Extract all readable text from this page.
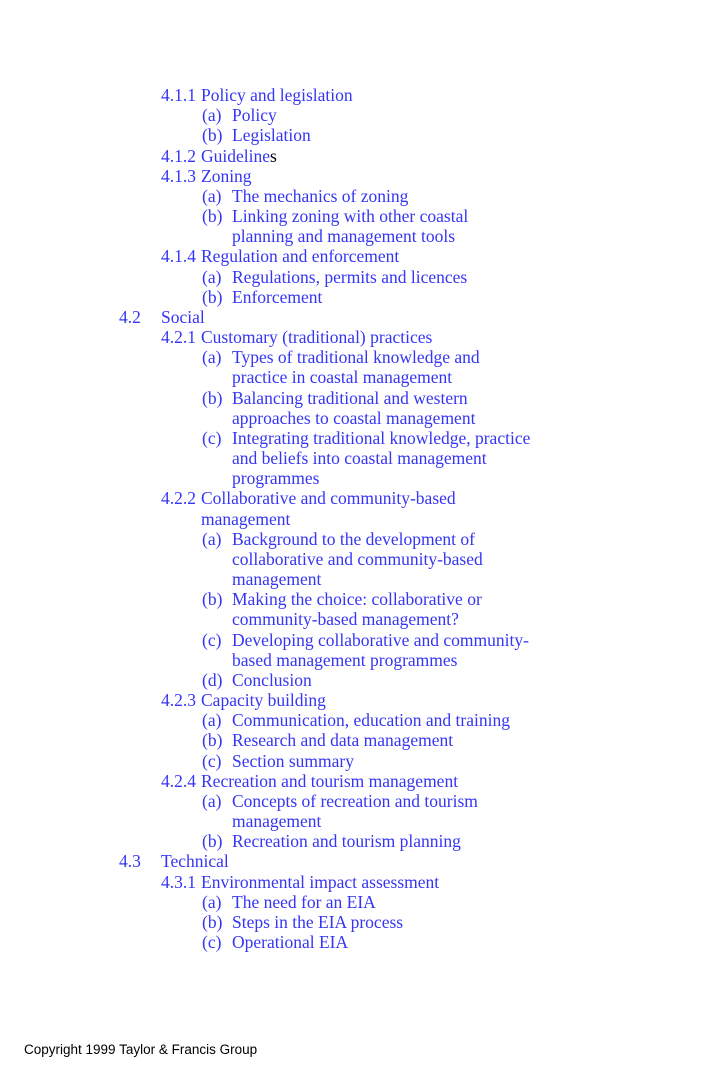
4.1.1 Policy and legislation
(a) Policy
(b) Legislation
4.1.2 Guidelines
4.1.3 Zoning
(a) The mechanics of zoning
(b) Linking zoning with other coastal
planning and management tools
4.1.4 Regulation and enforcement
(a) Regulations, permits and licences
(b) Enforcement
4.2 Social
4.2.1 Customary (traditional) practices
(a) Types of traditional knowledge and
practice in coastal management
(b) Balancing traditional and western
approaches to coastal management
(c) Integrating traditional knowledge, practice
and beliefs into coastal management
programmes
4.2.2 Collaborative and community-based
management
(a) Background to the development of
collaborative and community-based
management
(b) Making the choice: collaborative or
community-based management?
(c) Developing collaborative and community-
based management programmes
(d) Conclusion
4.2.3 Capacity building
(a) Communication, education and training
(b) Research and data management
(c) Section summary
4.2.4 Recreation and tourism management
(a) Concepts of recreation and tourism
management
(b) Recreation and tourism planning
4.3 Technical
4.3.1 Environmental impact assessment
(a) The need for an EIA
(b) Steps in the EIA process
(c) Operational EIA
Copyright 1999 Taylor & Francis Group
